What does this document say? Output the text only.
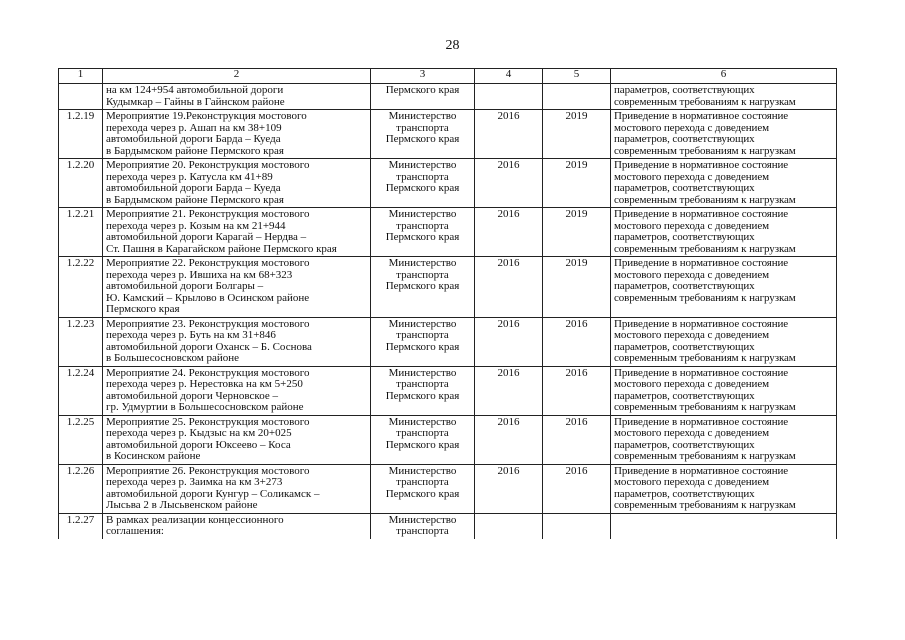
28
1	2	3	4	5	6

	на км 124+954 автомобильной дороги
Кудымкар – Гайны в Гайнском районе	Пермского края			параметров, соответствующих
современным требованиям к нагрузкам

1.2.19	Мероприятие 19.Реконструкция мостового
перехода через р. Ашап на км 38+109
автомобильной дороги Барда – Куеда
в Бардымском районе Пермского края	Министерство
транспорта
Пермского края	2016	2019	Приведение в нормативное состояние
мостового перехода с доведением
параметров, соответствующих
современным требованиям к нагрузкам

1.2.20	Мероприятие 20. Реконструкция мостового
перехода через р. Катусла км 41+89
автомобильной дороги Барда – Куеда
в Бардымском районе Пермского края	Министерство
транспорта
Пермского края	2016	2019	Приведение в нормативное состояние
мостового перехода с доведением
параметров, соответствующих
современным требованиям к нагрузкам

1.2.21	Мероприятие 21. Реконструкция мостового
перехода через р. Козым на км 21+944
автомобильной дороги Карагай – Нердва –
Ст. Пашня в Карагайском районе Пермского края	Министерство
транспорта
Пермского края	2016	2019	Приведение в нормативное состояние
мостового перехода с доведением
параметров, соответствующих
современным требованиям к нагрузкам

1.2.22	Мероприятие 22. Реконструкция мостового
перехода через р. Ившиха на км 68+323
автомобильной дороги Болгары –
Ю. Камский – Крылово в Осинском районе
Пермского края	Министерство
транспорта
Пермского края	2016	2019	Приведение в нормативное состояние
мостового перехода с доведением
параметров, соответствующих
современным требованиям к нагрузкам

1.2.23	Мероприятие 23. Реконструкция мостового
перехода через р. Буть на км 31+846
автомобильной дороги Оханск – Б. Соснова
в Большесосновском районе	Министерство
транспорта
Пермского края	2016	2016	Приведение в нормативное состояние
мостового перехода с доведением
параметров, соответствующих
современным требованиям к нагрузкам

1.2.24	Мероприятие 24. Реконструкция мостового
перехода через р. Нерестовка на км 5+250
автомобильной дороги Черновское –
гр. Удмуртии в Большесосновском районе	Министерство
транспорта
Пермского края	2016	2016	Приведение в нормативное состояние
мостового перехода с доведением
параметров, соответствующих
современным требованиям к нагрузкам

1.2.25	Мероприятие 25. Реконструкция мостового
перехода через р. Кыдзыс на км 20+025
автомобильной дороги Юксеево – Коса
в Косинском районе	Министерство
транспорта
Пермского края	2016	2016	Приведение в нормативное состояние
мостового перехода с доведением
параметров, соответствующих
современным требованиям к нагрузкам

1.2.26	Мероприятие 26. Реконструкция мостового
перехода через р. Заимка на км 3+273
автомобильной дороги Кунгур – Соликамск –
Лысьва 2 в Лысьвенском районе	Министерство
транспорта
Пермского края	2016	2016	Приведение в нормативное состояние
мостового перехода с доведением
параметров, соответствующих
современным требованиям к нагрузкам

1.2.27	В рамках реализации концессионного
соглашения:	Министерство
транспорта			
